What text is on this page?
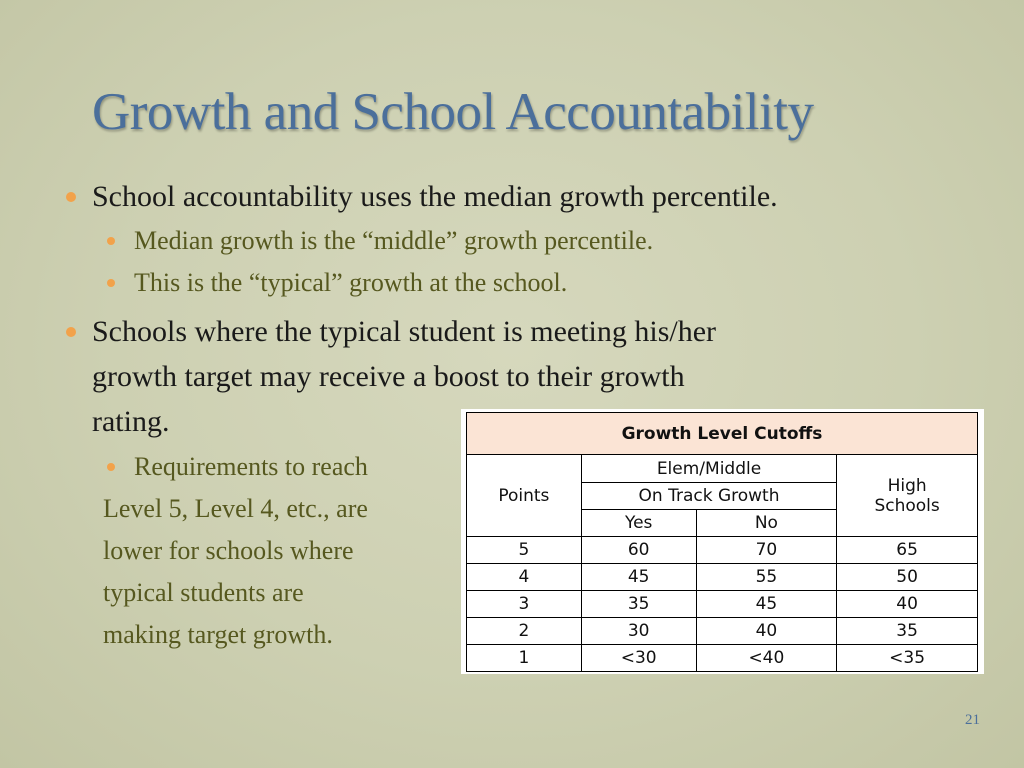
Growth and School Accountability
School accountability uses the median growth percentile.
Median growth is the “middle” growth percentile.
This is the “typical” growth at the school.
Schools where the typical student is meeting his/her
growth target may receive a boost to their growth
rating.
Requirements to reach
Level 5, Level 4, etc., are
lower for schools where
typical students are
making target growth.
Growth Level Cutoffs			
Points	Elem/Middle		High
Schools
	On Track Growth		
	Yes	No	
5	60	70	65
4	45	55	50
3	35	45	40
2	30	40	35
1	<30	<40	<35
21
